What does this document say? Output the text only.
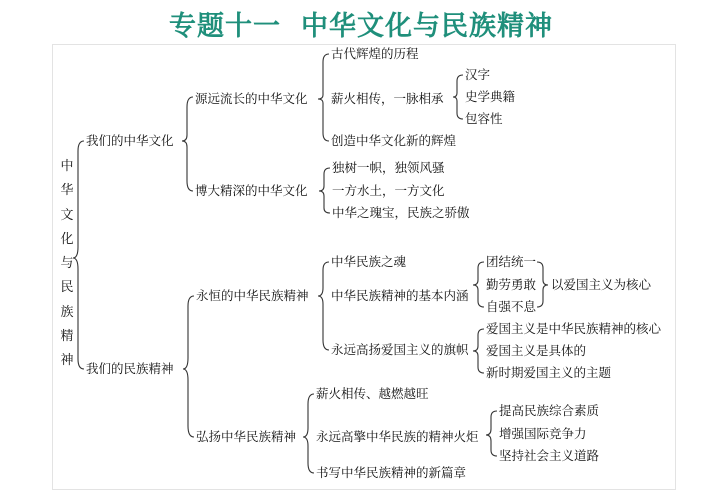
专题十一 中华文化与民族精神
中华文化与民族精神
我们的中华文化
我们的民族精神
源远流长的中华文化
博大精深的中华文化
古代辉煌的历程
薪火相传，一脉相承
创造中华文化新的辉煌
汉字
史学典籍
包容性
独树一帜，独领风骚
一方水土，一方文化
中华之瑰宝，民族之骄傲
永恒的中华民族精神
弘扬中华民族精神
中华民族之魂
中华民族精神的基本内涵
永远高扬爱国主义的旗帜
团结统一
勤劳勇敢
自强不息
以爱国主义为核心
爱国主义是中华民族精神的核心
爱国主义是具体的
新时期爱国主义的主题
薪火相传、越燃越旺
永远高擎中华民族的精神火炬
书写中华民族精神的新篇章
提高民族综合素质
增强国际竞争力
坚持社会主义道路
